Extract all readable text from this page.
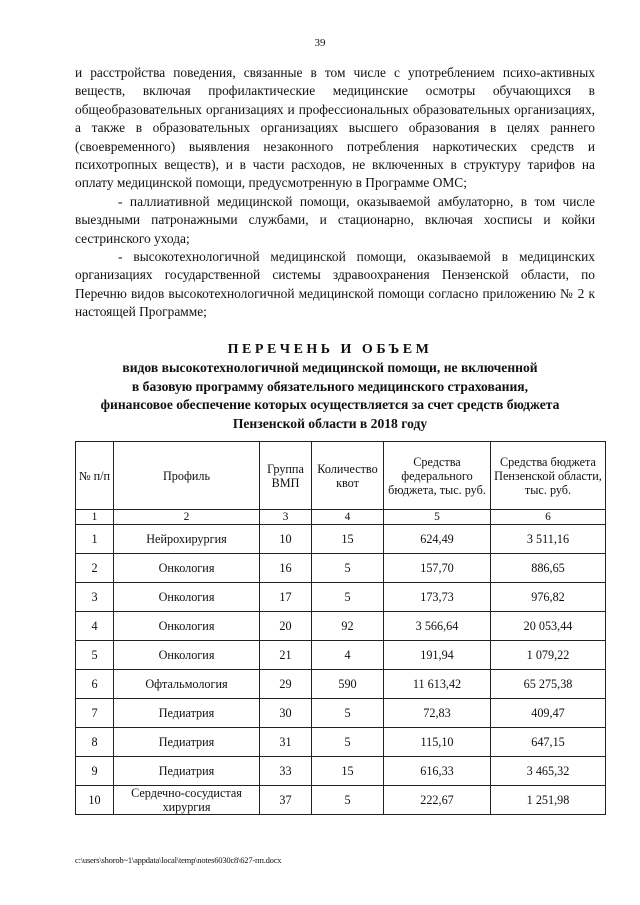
39

и расстройства поведения, связанные в том числе с употреблением психо-активных веществ, включая профилактические медицинские осмотры обучающихся в общеобразовательных организациях и профессиональных образовательных организациях, а также в образовательных организациях высшего образования в целях раннего (своевременного) выявления незаконного потребления наркотических средств и психотропных веществ), и в части расходов, не включенных в структуру тарифов на оплату медицинской помощи, предусмотренную в Программе ОМС;

- паллиативной медицинской помощи, оказываемой амбулаторно, в том числе выездными патронажными службами, и стационарно, включая хосписы и койки сестринского ухода;

- высокотехнологичной медицинской помощи, оказываемой в медицинских организациях государственной системы здравоохранения Пензенской области, по Перечню видов высокотехнологичной медицинской помощи согласно приложению № 2 к настоящей Программе;

ПЕРЕЧЕНЬ И ОБЪЕМ
видов высокотехнологичной медицинской помощи, не включенной
в базовую программу обязательного медицинского страхования,
финансовое обеспечение которых осуществляется за счет средств бюджета
Пензенской области в 2018 году
№ п/п	Профиль	Группа ВМП	Количество квот	Средства федерального бюджета, тыс. руб.	Средства бюджета Пензенской области, тыс. руб.
1	2	3	4	5	6
1	Нейрохирургия	10	15	624,49	3 511,16
2	Онкология	16	5	157,70	886,65
3	Онкология	17	5	173,73	976,82
4	Онкология	20	92	3 566,64	20 053,44
5	Онкология	21	4	191,94	1 079,22
6	Офтальмология	29	590	11 613,42	65 275,38
7	Педиатрия	30	5	72,83	409,47
8	Педиатрия	31	5	115,10	647,15
9	Педиатрия	33	15	616,33	3 465,32
10	Сердечно-сосудистая хирургия	37	5	222,67	1 251,98
c:\users\shorob~1\appdata\local\temp\notes6030c8\627-пп.docx
